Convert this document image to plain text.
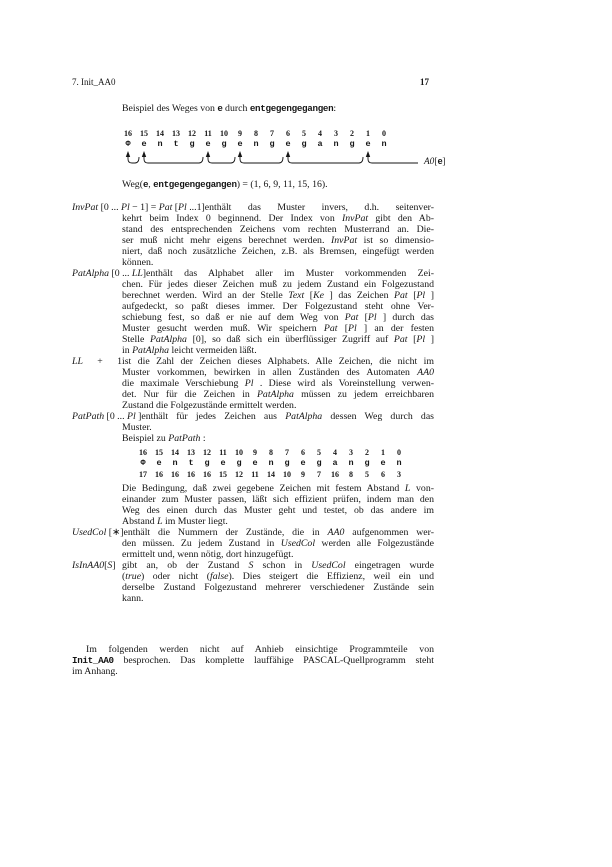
7. Init_AA0	17
Beispiel des Weges von e durch entgegengegangen:
16 15 14 13 12 11 10 9 8 7 6 5 4 3 2 1 0
Φ e n t g e g e n g e g a n g e n
A0[e]
Weg(e, entgegengegangen) = (1, 6, 9, 11, 15, 16).
InvPat [0 ... Pl − 1] = Pat [Pl ...1]enthält das Muster invers, d.h. seitenver-
kehrt beim Index 0 beginnend. Der Index von InvPat gibt den Ab-
stand des entsprechenden Zeichens vom rechten Musterrand an. Die-
ser muß nicht mehr eigens berechnet werden. InvPat ist so dimensio-
niert, daß noch zusätzliche Zeichen, z.B. als Bremsen, eingefügt werden
können.
PatAlpha [0 ... LL]enthält das Alphabet aller im Muster vorkommenden Zei-
chen. Für jedes dieser Zeichen muß zu jedem Zustand ein Folgezustand
berechnet werden. Wird an der Stelle Text [Ke ] das Zeichen Pat [Pl ]
aufgedeckt, so paßt dieses immer. Der Folgezustand steht ohne Ver-
schiebung fest, so daß er nie auf dem Weg von Pat [Pl ] durch das
Muster gesucht werden muß. Wir speichern Pat [Pl ] an der festen
Stelle PatAlpha [0], so daß sich ein überflüssiger Zugriff auf Pat [Pl ]
in PatAlpha leicht vermeiden läßt.
LL + 1ist die Zahl der Zeichen dieses Alphabets. Alle Zeichen, die nicht im
Muster vorkommen, bewirken in allen Zuständen des Automaten AA0
die maximale Verschiebung Pl . Diese wird als Voreinstellung verwen-
det. Nur für die Zeichen in PatAlpha müssen zu jedem erreichbaren
Zustand die Folgezustände ermittelt werden.
PatPath [0 ... Pl ]enthält für jedes Zeichen aus PatAlpha dessen Weg durch das
Muster.
Beispiel zu PatPath :
16 15 14 13 12 11 10 9 8 7 6 5 4 3 2 1 0
Φ e n t g e g e n g e g a n g e n
17 16 16 16 16 15 12 11 14 10 9 7 16 8 5 6 3
Die Bedingung, daß zwei gegebene Zeichen mit festem Abstand L von-
einander zum Muster passen, läßt sich effizient prüfen, indem man den
Weg des einen durch das Muster geht und testet, ob das andere im
Abstand L im Muster liegt.
UsedCol [∗]enthält die Nummern der Zustände, die in AA0 aufgenommen wer-
den müssen. Zu jedem Zustand in UsedCol werden alle Folgezustände
ermittelt und, wenn nötig, dort hinzugefügt.
IsInAA0[S]gibt an, ob der Zustand S schon in UsedCol eingetragen wurde
(true) oder nicht (false). Dies steigert die Effizienz, weil ein und
derselbe Zustand Folgezustand mehrerer verschiedener Zustände sein
kann.
Im folgenden werden nicht auf Anhieb einsichtige Programmteile von
Init_AA0 besprochen. Das komplette lauffähige PASCAL-Quellprogramm steht
im Anhang.
